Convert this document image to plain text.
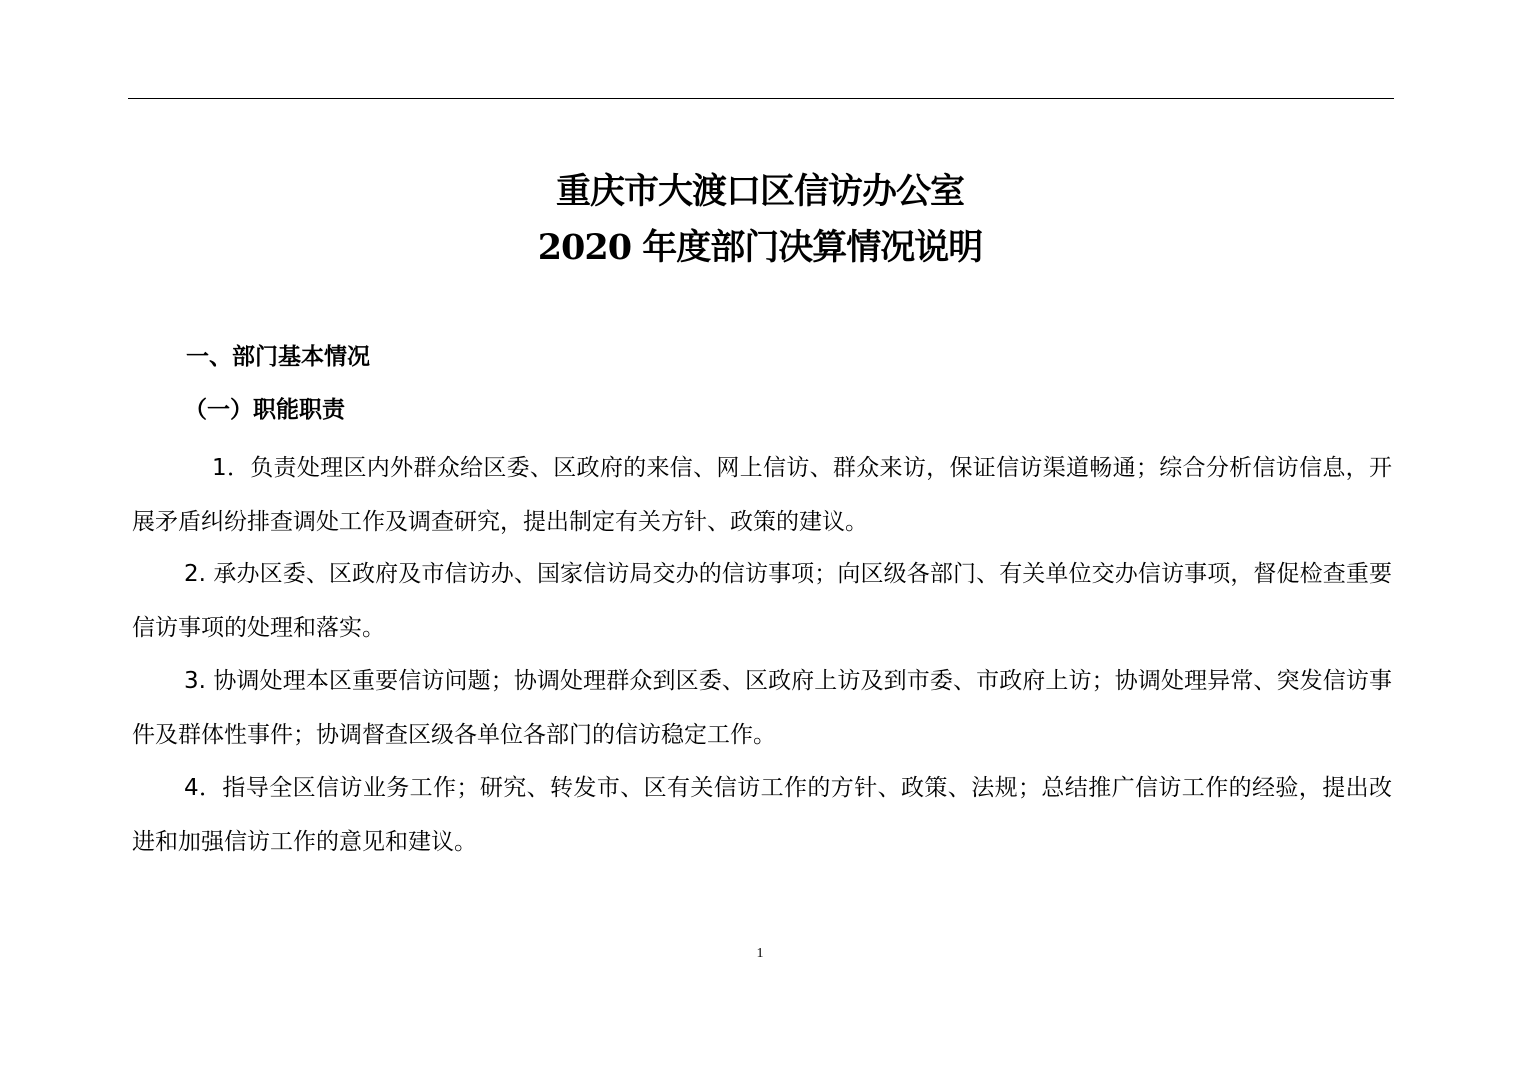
重庆市大渡口区信访办公室
2020 年度部门决算情况说明
一、部门基本情况
（一）职能职责

1．负责处理区内外群众给区委、区政府的来信、网上信访、群众来访，保证信访渠道畅通；综合分析信访信息，开展矛盾纠纷排查调处工作及调查研究，提出制定有关方针、政策的建议。

2. 承办区委、区政府及市信访办、国家信访局交办的信访事项；向区级各部门、有关单位交办信访事项，督促检查重要信访事项的处理和落实。

3. 协调处理本区重要信访问题；协调处理群众到区委、区政府上访及到市委、市政府上访；协调处理异常、突发信访事件及群体性事件；协调督查区级各单位各部门的信访稳定工作。

4．指导全区信访业务工作；研究、转发市、区有关信访工作的方针、政策、法规；总结推广信访工作的经验，提出改进和加强信访工作的意见和建议。

1
